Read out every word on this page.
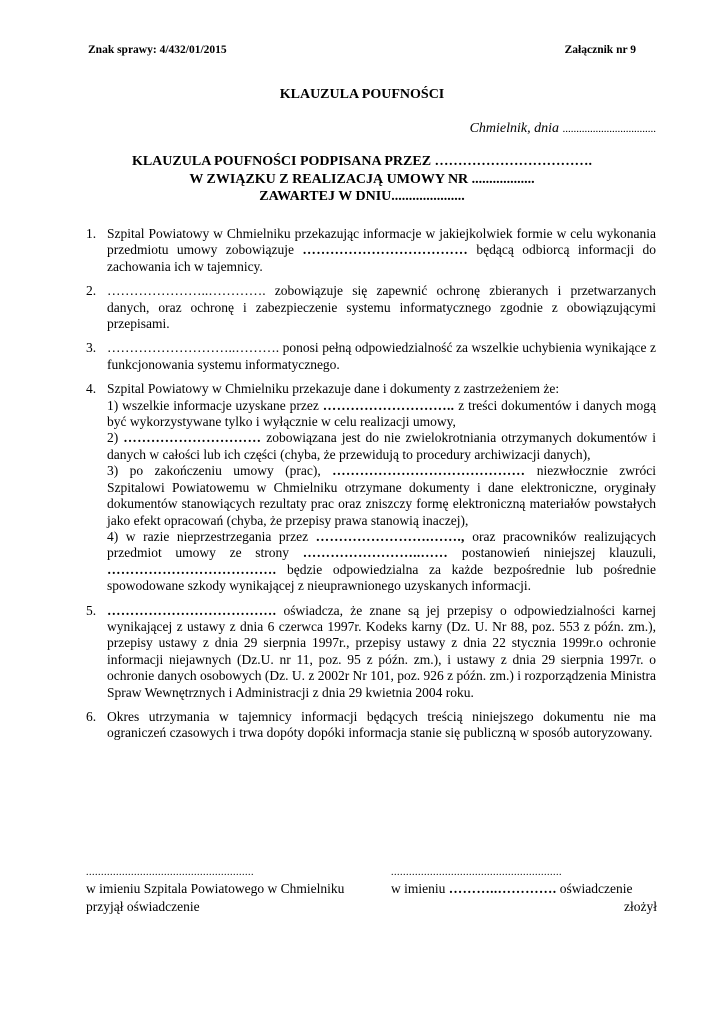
Znak sprawy: 4/432/01/2015	Załącznik nr 9
KLAUZULA POUFNOŚCI
Chmielnik, dnia ..................................
KLAUZULA POUFNOŚCI PODPISANA PRZEZ …………………………….
W ZWIĄZKU Z REALIZACJĄ UMOWY NR ..................
ZAWARTEJ W DNIU.....................
1. Szpital Powiatowy w Chmielniku przekazując informacje w jakiejkolwiek formie w celu wykonania przedmiotu umowy zobowiązuje ……………………………… będącą odbiorcą informacji do zachowania ich w tajemnicy.

2. …………………..…………. zobowiązuje się zapewnić ochronę zbieranych i przetwarzanych danych, oraz ochronę i zabezpieczenie systemu informatycznego zgodnie z obowiązującymi przepisami.

3. ………………………..………. ponosi pełną odpowiedzialność za wszelkie uchybienia wynikające z funkcjonowania systemu informatycznego.

4. Szpital Powiatowy w Chmielniku przekazuje dane i dokumenty z zastrzeżeniem że:

1) wszelkie informacje uzyskane przez ……………………….. z treści dokumentów i danych mogą być wykorzystywane tylko i wyłącznie w celu realizacji umowy,

2) ………………………… zobowiązana jest do nie zwielokrotniania otrzymanych dokumentów i danych w całości lub ich części (chyba, że przewidują to procedury archiwizacji danych),

3) po zakończeniu umowy (prac), …………………………………… niezwłocznie zwróci Szpitalowi Powiatowemu w Chmielniku otrzymane dokumenty i dane elektroniczne, oryginały dokumentów stanowiących rezultaty prac oraz zniszczy formę elektroniczną materiałów powstałych jako efekt opracowań (chyba, że przepisy prawa stanowią inaczej),

4) w razie nieprzestrzegania przez …………………….……., oraz pracowników realizujących przedmiot umowy ze strony ……………………..…… postanowień niniejszej klauzuli, ………………………………. będzie odpowiedzialna za każde bezpośrednie lub pośrednie spowodowane szkody wynikającej z nieuprawnionego uzyskanych informacji.

5. ………………………………. oświadcza, że znane są jej przepisy o odpowiedzialności karnej wynikającej z ustawy z dnia 6 czerwca 1997r. Kodeks karny (Dz. U. Nr 88, poz. 553 z późn. zm.), przepisy ustawy z dnia 29 sierpnia 1997r., przepisy ustawy z dnia 22 stycznia 1999r.o ochronie informacji niejawnych (Dz.U. nr 11, poz. 95 z późn. zm.), i ustawy z dnia 29 sierpnia 1997r. o ochronie danych osobowych (Dz. U. z 2002r Nr 101, poz. 926 z późn. zm.) i rozporządzenia Ministra Spraw Wewnętrznych i Administracji z dnia 29 kwietnia 2004 roku.

6. Okres utrzymania w tajemnicy informacji będących treścią niniejszego dokumentu nie ma ograniczeń czasowych i trwa dopóty dopóki informacja stanie się publiczną w sposób autoryzowany.

........................................................
w imieniu Szpitala Powiatowego w Chmielniku
przyjął oświadczenie
.........................................................
w imieniu ………..…………. oświadczenie
złożył
